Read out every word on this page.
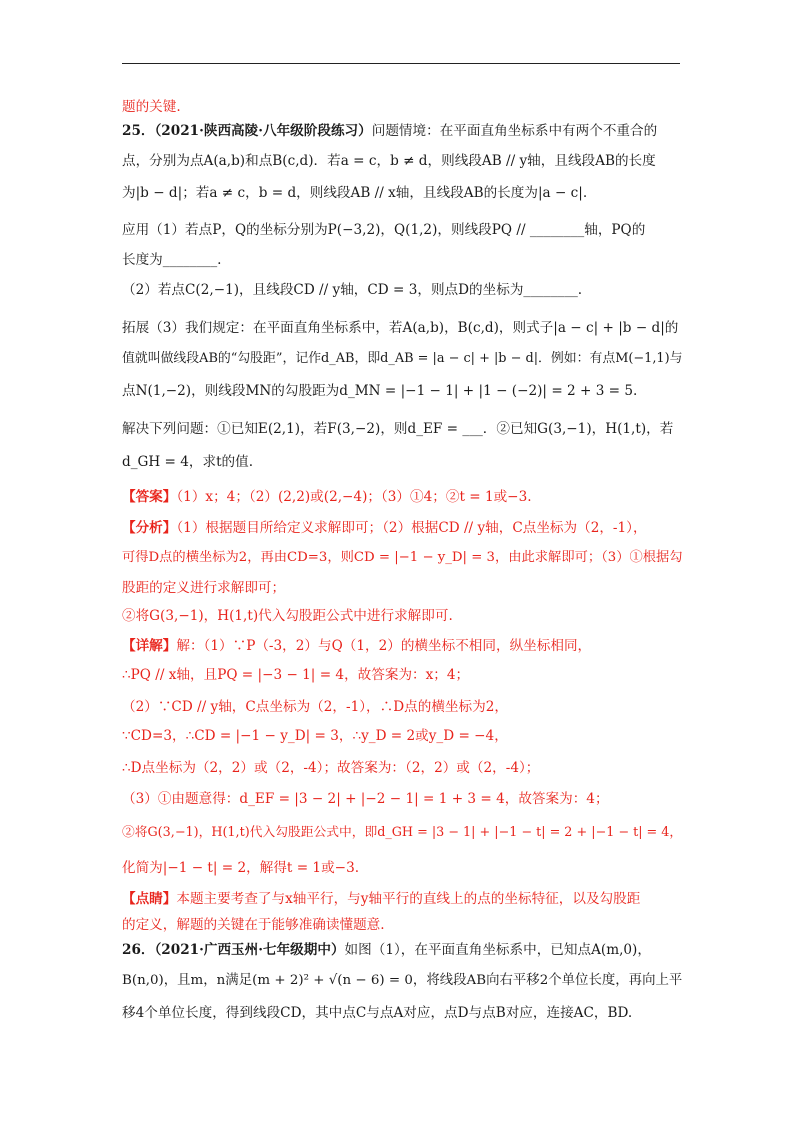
题的关键.
25．（2021·陕西高陵·八年级阶段练习）问题情境：在平面直角坐标系中有两个不重合的
点，分别为点A(a,b)和点B(c,d)．若a = c，b ≠ d，则线段AB // y轴，且线段AB的长度
为|b − d|；若a ≠ c，b = d，则线段AB // x轴，且线段AB的长度为|a − c|.
应用（1）若点P，Q的坐标分别为P(−3,2)，Q(1,2)，则线段PQ // ________轴，PQ的
长度为________.
（2）若点C(2,−1)，且线段CD // y轴，CD = 3，则点D的坐标为________.
拓展（3）我们规定：在平面直角坐标系中，若A(a,b)，B(c,d)，则式子|a − c| + |b − d|的
值就叫做线段AB的“勾股距”，记作d_AB，即d_AB = |a − c| + |b − d|．例如：有点M(−1,1)与
点N(1,−2)，则线段MN的勾股距为d_MN = |−1 − 1| + |1 − (−2)| = 2 + 3 = 5.
解决下列问题：①已知E(2,1)，若F(3,−2)，则d_EF = ___．②已知G(3,−1)，H(1,t)，若
d_GH = 4，求t的值.
【答案】（1）x；4；（2）(2,2)或(2,−4)；（3）①4；②t = 1或−3.
【分析】（1）根据题目所给定义求解即可；（2）根据CD // y轴，C点坐标为（2，-1），
可得D点的横坐标为2，再由CD=3，则CD = |−1 − y_D| = 3，由此求解即可；（3）①根据勾
股距的定义进行求解即可；
②将G(3,−1)，H(1,t)代入勾股距公式中进行求解即可.
【详解】解：（1）∵P（-3，2）与Q（1，2）的横坐标不相同，纵坐标相同，
∴PQ // x轴，且PQ = |−3 − 1| = 4，故答案为：x；4；
（2）∵CD // y轴，C点坐标为（2，-1），∴D点的横坐标为2，
∵CD=3，∴CD = |−1 − y_D| = 3，∴y_D = 2或y_D = −4，
∴D点坐标为（2，2）或（2，-4）；故答案为：（2，2）或（2，-4）；
（3）①由题意得：d_EF = |3 − 2| + |−2 − 1| = 1 + 3 = 4，故答案为：4；
②将G(3,−1)，H(1,t)代入勾股距公式中，即d_GH = |3 − 1| + |−1 − t| = 2 + |−1 − t| = 4，
化简为|−1 − t| = 2，解得t = 1或−3.
【点睛】本题主要考查了与x轴平行，与y轴平行的直线上的点的坐标特征，以及勾股距
的定义，解题的关键在于能够准确读懂题意.
26．（2021·广西玉州·七年级期中）如图（1），在平面直角坐标系中，已知点A(m,0)，
B(n,0)，且m，n满足(m + 2)² + √(n − 6) = 0，将线段AB向右平移2个单位长度，再向上平
移4个单位长度，得到线段CD，其中点C与点A对应，点D与点B对应，连接AC，BD.
